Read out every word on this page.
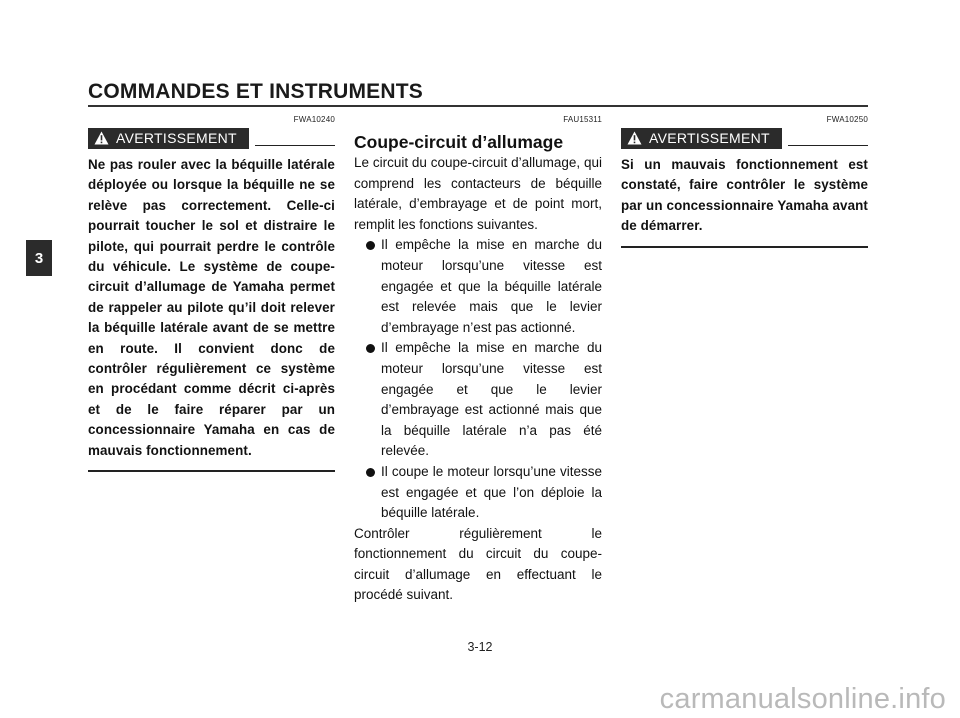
COMMANDES ET INSTRUMENTS
3
FWA10240
AVERTISSEMENT
Ne pas rouler avec la béquille latérale déployée ou lorsque la béquille ne se relève pas correctement. Celle-ci pourrait toucher le sol et distraire le pilote, qui pourrait perdre le contrôle du véhicule. Le système de coupe-circuit d’allumage de Yamaha permet de rappeler au pilote qu’il doit relever la béquille latérale avant de se mettre en route. Il convient donc de contrôler régulièrement ce système en procédant comme décrit ci-après et de le faire réparer par un concessionnaire Yamaha en cas de mauvais fonctionnement.
FAU15311
Coupe-circuit d’allumage

Le circuit du coupe-circuit d’allumage, qui comprend les contacteurs de béquille latérale, d’embrayage et de point mort, remplit les fonctions suivantes.

Il empêche la mise en marche du moteur lorsqu’une vitesse est engagée et que la béquille latérale est relevée mais que le levier d’embrayage n’est pas actionné.
Il empêche la mise en marche du moteur lorsqu’une vitesse est engagée et que le levier d’embrayage est actionné mais que la béquille latérale n’a pas été relevée.
Il coupe le moteur lorsqu’une vitesse est engagée et que l’on déploie la béquille latérale.

Contrôler régulièrement le fonctionnement du circuit du coupe-circuit d’allumage en effectuant le procédé suivant.

FWA10250
AVERTISSEMENT
Si un mauvais fonctionnement est constaté, faire contrôler le système par un concessionnaire Yamaha avant de démarrer.
3-12
carmanualsonline.info
